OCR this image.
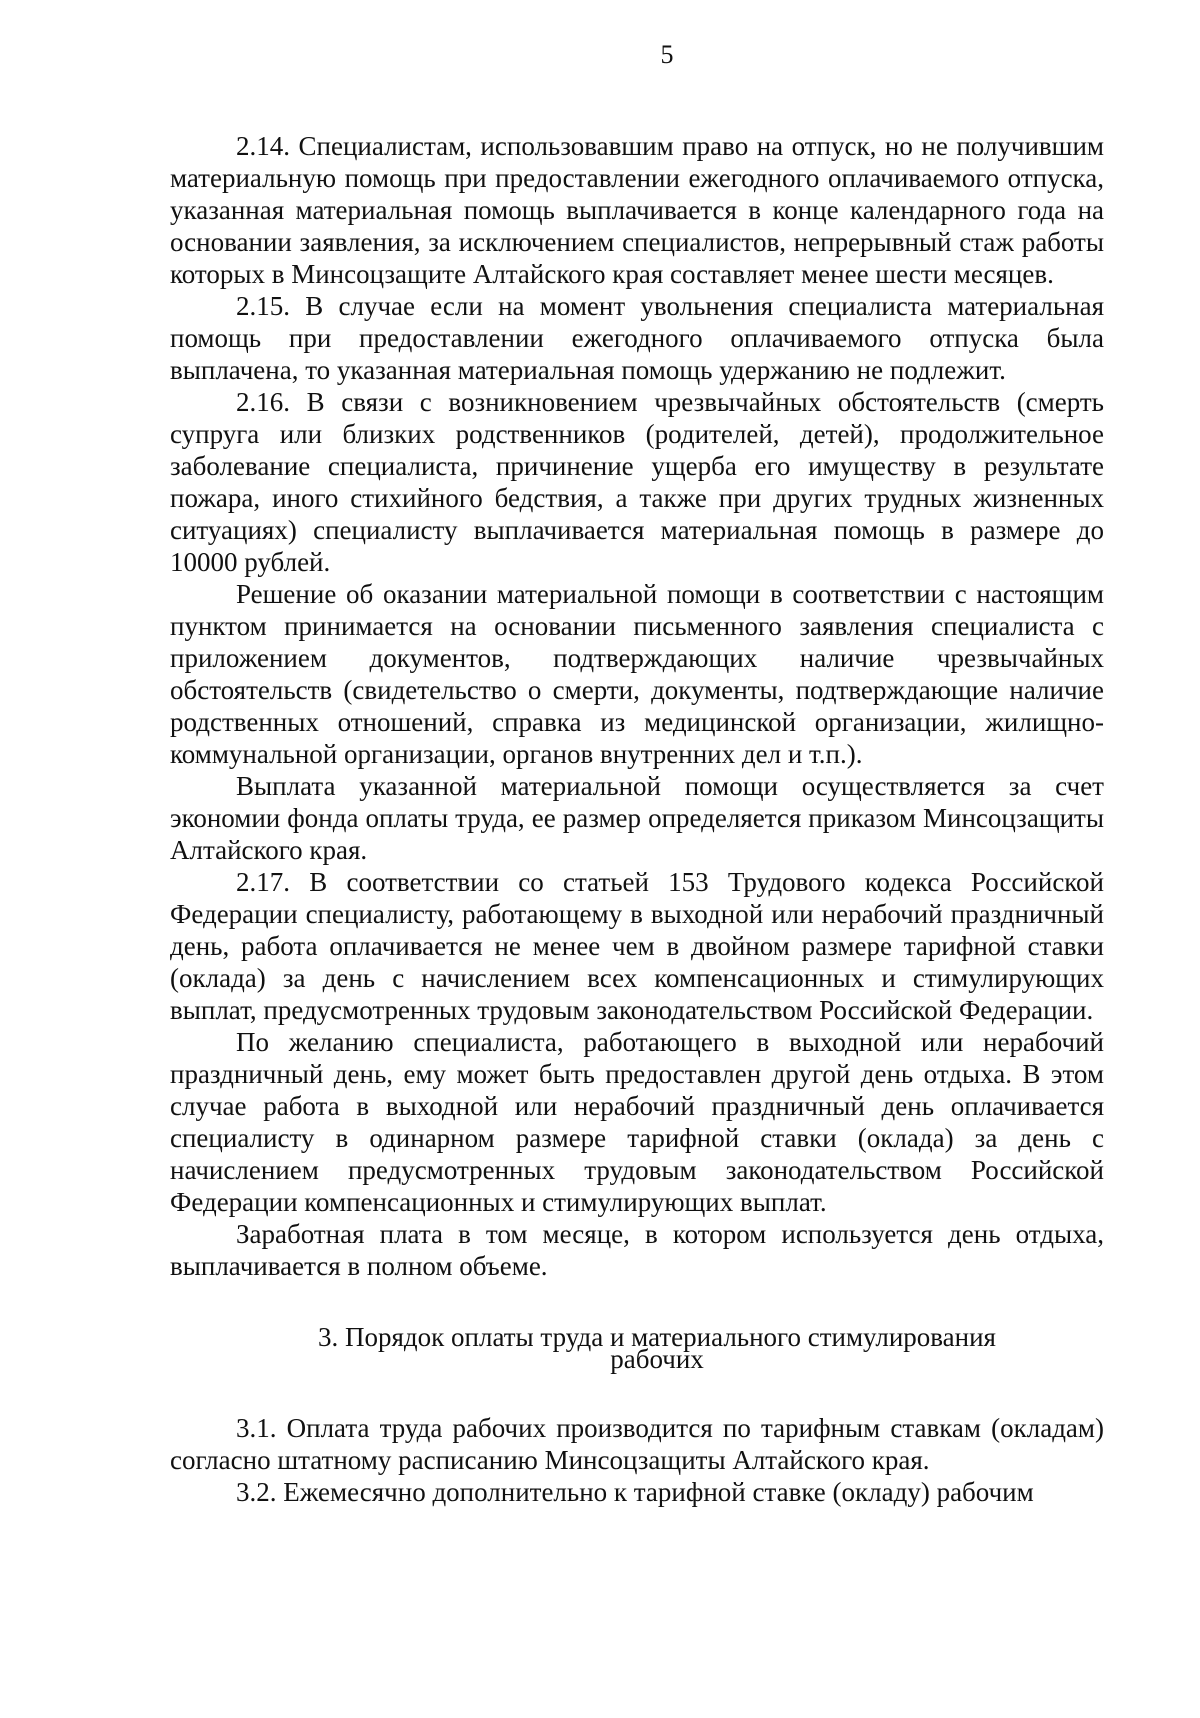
5

2.14. Специалистам, использовавшим право на отпуск, но не получившим материальную помощь при предоставлении ежегодного оплачиваемого отпуска, указанная материальная помощь выплачивается в конце календарного года на основании заявления, за исключением специалистов, непрерывный стаж работы которых в Минсоцзащите Алтайского края составляет менее шести месяцев.

2.15. В случае если на момент увольнения специалиста материальная помощь при предоставлении ежегодного оплачиваемого отпуска была выплачена, то указанная материальная помощь удержанию не подлежит.

2.16. В связи с возникновением чрезвычайных обстоятельств (смерть супруга или близких родственников (родителей, детей), продолжительное заболевание специалиста, причинение ущерба его имуществу в результате пожара, иного стихийного бедствия, а также при других трудных жизненных ситуациях) специалисту выплачивается материальная помощь в размере до 10000 рублей.

Решение об оказании материальной помощи в соответствии с настоящим пунктом принимается на основании письменного заявления специалиста с приложением документов, подтверждающих наличие чрезвычайных обстоятельств (свидетельство о смерти, документы, подтверждающие наличие родственных отношений, справка из медицинской организации, жилищно-коммунальной организации, органов внутренних дел и т.п.).

Выплата указанной материальной помощи осуществляется за счет экономии фонда оплаты труда, ее размер определяется приказом Минсоцзащиты Алтайского края.

2.17. В соответствии со статьей 153 Трудового кодекса Российской Федерации специалисту, работающему в выходной или нерабочий праздничный день, работа оплачивается не менее чем в двойном размере тарифной ставки (оклада) за день с начислением всех компенсационных и стимулирующих выплат, предусмотренных трудовым законодательством Российской Федерации.

По желанию специалиста, работающего в выходной или нерабочий праздничный день, ему может быть предоставлен другой день отдыха. В этом случае работа в выходной или нерабочий праздничный день оплачивается специалисту в одинарном размере тарифной ставки (оклада) за день с начислением предусмотренных трудовым законодательством Российской Федерации компенсационных и стимулирующих выплат.

Заработная плата в том месяце, в котором используется день отдыха, выплачивается в полном объеме.

3. Порядок оплаты труда и материального стимулирования
рабочих

3.1. Оплата труда рабочих производится по тарифным ставкам (окладам) согласно штатному расписанию Минсоцзащиты Алтайского края.

3.2. Ежемесячно дополнительно к тарифной ставке (окладу) рабочим
